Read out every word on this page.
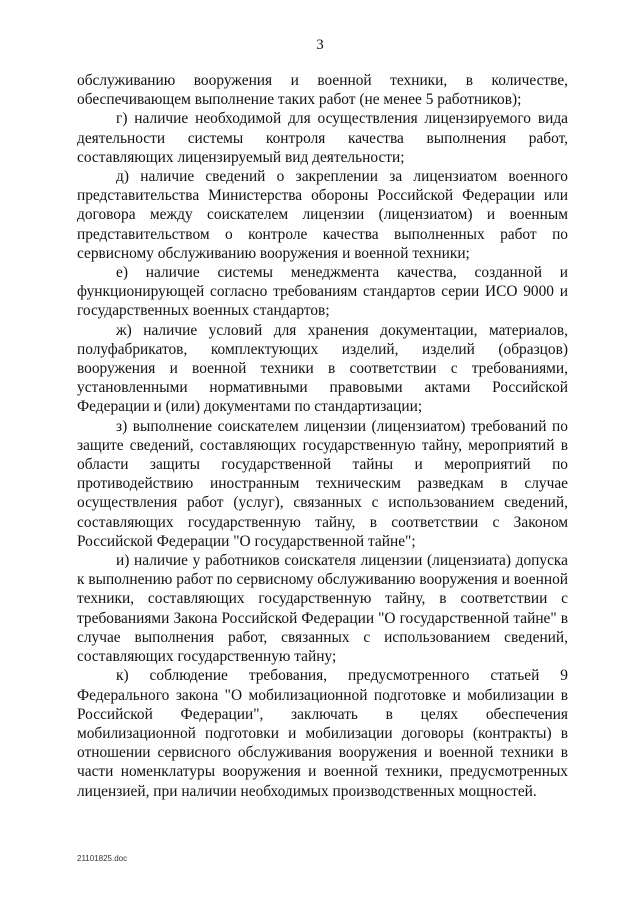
3

обслуживанию вооружения и военной техники, в количестве, обеспечивающем выполнение таких работ (не менее 5 работников);

г) наличие необходимой для осуществления лицензируемого вида деятельности системы контроля качества выполнения работ, составляющих лицензируемый вид деятельности;

д) наличие сведений о закреплении за лицензиатом военного представительства Министерства обороны Российской Федерации или договора между соискателем лицензии (лицензиатом) и военным представительством о контроле качества выполненных работ по сервисному обслуживанию вооружения и военной техники;

е) наличие системы менеджмента качества, созданной и функционирующей согласно требованиям стандартов серии ИСО 9000 и государственных военных стандартов;

ж) наличие условий для хранения документации, материалов, полуфабрикатов, комплектующих изделий, изделий (образцов) вооружения и военной техники в соответствии с требованиями, установленными нормативными правовыми актами Российской Федерации и (или) документами по стандартизации;

з) выполнение соискателем лицензии (лицензиатом) требований по защите сведений, составляющих государственную тайну, мероприятий в области защиты государственной тайны и мероприятий по противодействию иностранным техническим разведкам в случае осуществления работ (услуг), связанных с использованием сведений, составляющих государственную тайну, в соответствии с Законом Российской Федерации "О государственной тайне";

и) наличие у работников соискателя лицензии (лицензиата) допуска к выполнению работ по сервисному обслуживанию вооружения и военной техники, составляющих государственную тайну, в соответствии с требованиями Закона Российской Федерации "О государственной тайне" в случае выполнения работ, связанных с использованием сведений, составляющих государственную тайну;

к) соблюдение требования, предусмотренного статьей 9 Федерального закона "О мобилизационной подготовке и мобилизации в Российской Федерации", заключать в целях обеспечения мобилизационной подготовки и мобилизации договоры (контракты) в отношении сервисного обслуживания вооружения и военной техники в части номенклатуры вооружения и военной техники, предусмотренных лицензией, при наличии необходимых производственных мощностей.

21101825.doc
